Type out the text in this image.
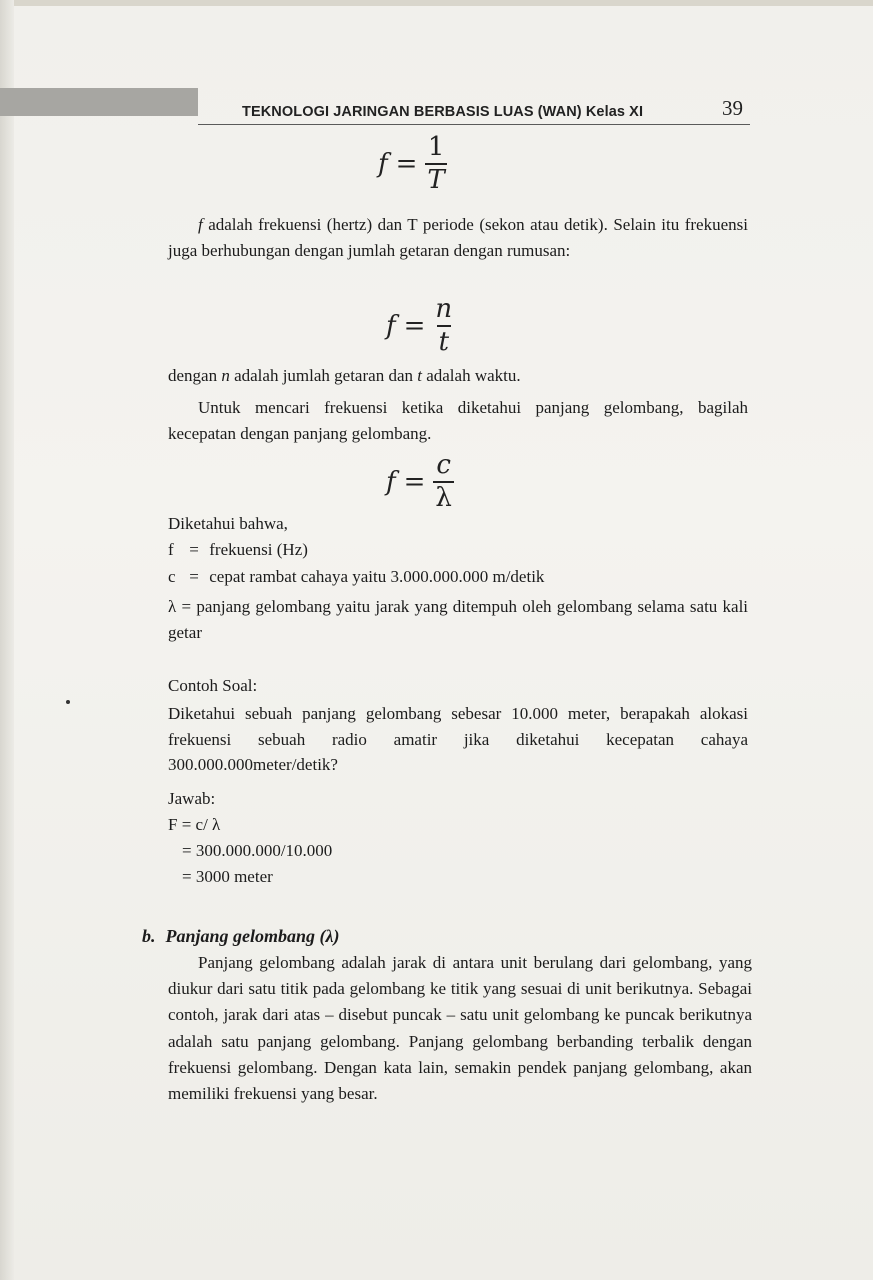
TEKNOLOGI JARINGAN BERBASIS LUAS (WAN) Kelas XI	39
$f = \frac{1}{T}$
f adalah frekuensi (hertz) dan T periode (sekon atau detik). Selain itu frekuensi juga berhubungan dengan jumlah getaran dengan rumusan:
$f = \frac{n}{t}$
dengan n adalah jumlah getaran dan t adalah waktu.
Untuk mencari frekuensi ketika diketahui panjang gelombang, bagilah kecepatan dengan panjang gelombang.
$f = \frac{c}{\lambda}$
Diketahui bahwa,
f = frekuensi (Hz)
c = cepat rambat cahaya yaitu 3.000.000.000 m/detik
λ = panjang gelombang yaitu jarak yang ditempuh oleh gelombang selama satu kali getar
Contoh Soal:
Diketahui sebuah panjang gelombang sebesar 10.000 meter, berapakah alokasi frekuensi sebuah radio amatir jika diketahui kecepatan cahaya 300.000.000meter/detik?
Jawab:
F = c/ λ
= 300.000.000/10.000
= 3000 meter
b. Panjang gelombang (λ)
Panjang gelombang adalah jarak di antara unit berulang dari gelombang, yang diukur dari satu titik pada gelombang ke titik yang sesuai di unit berikutnya. Sebagai contoh, jarak dari atas – disebut puncak – satu unit gelombang ke puncak berikutnya adalah satu panjang gelombang. Panjang gelombang berbanding terbalik dengan frekuensi gelombang. Dengan kata lain, semakin pendek panjang gelombang, akan memiliki frekuensi yang besar.
